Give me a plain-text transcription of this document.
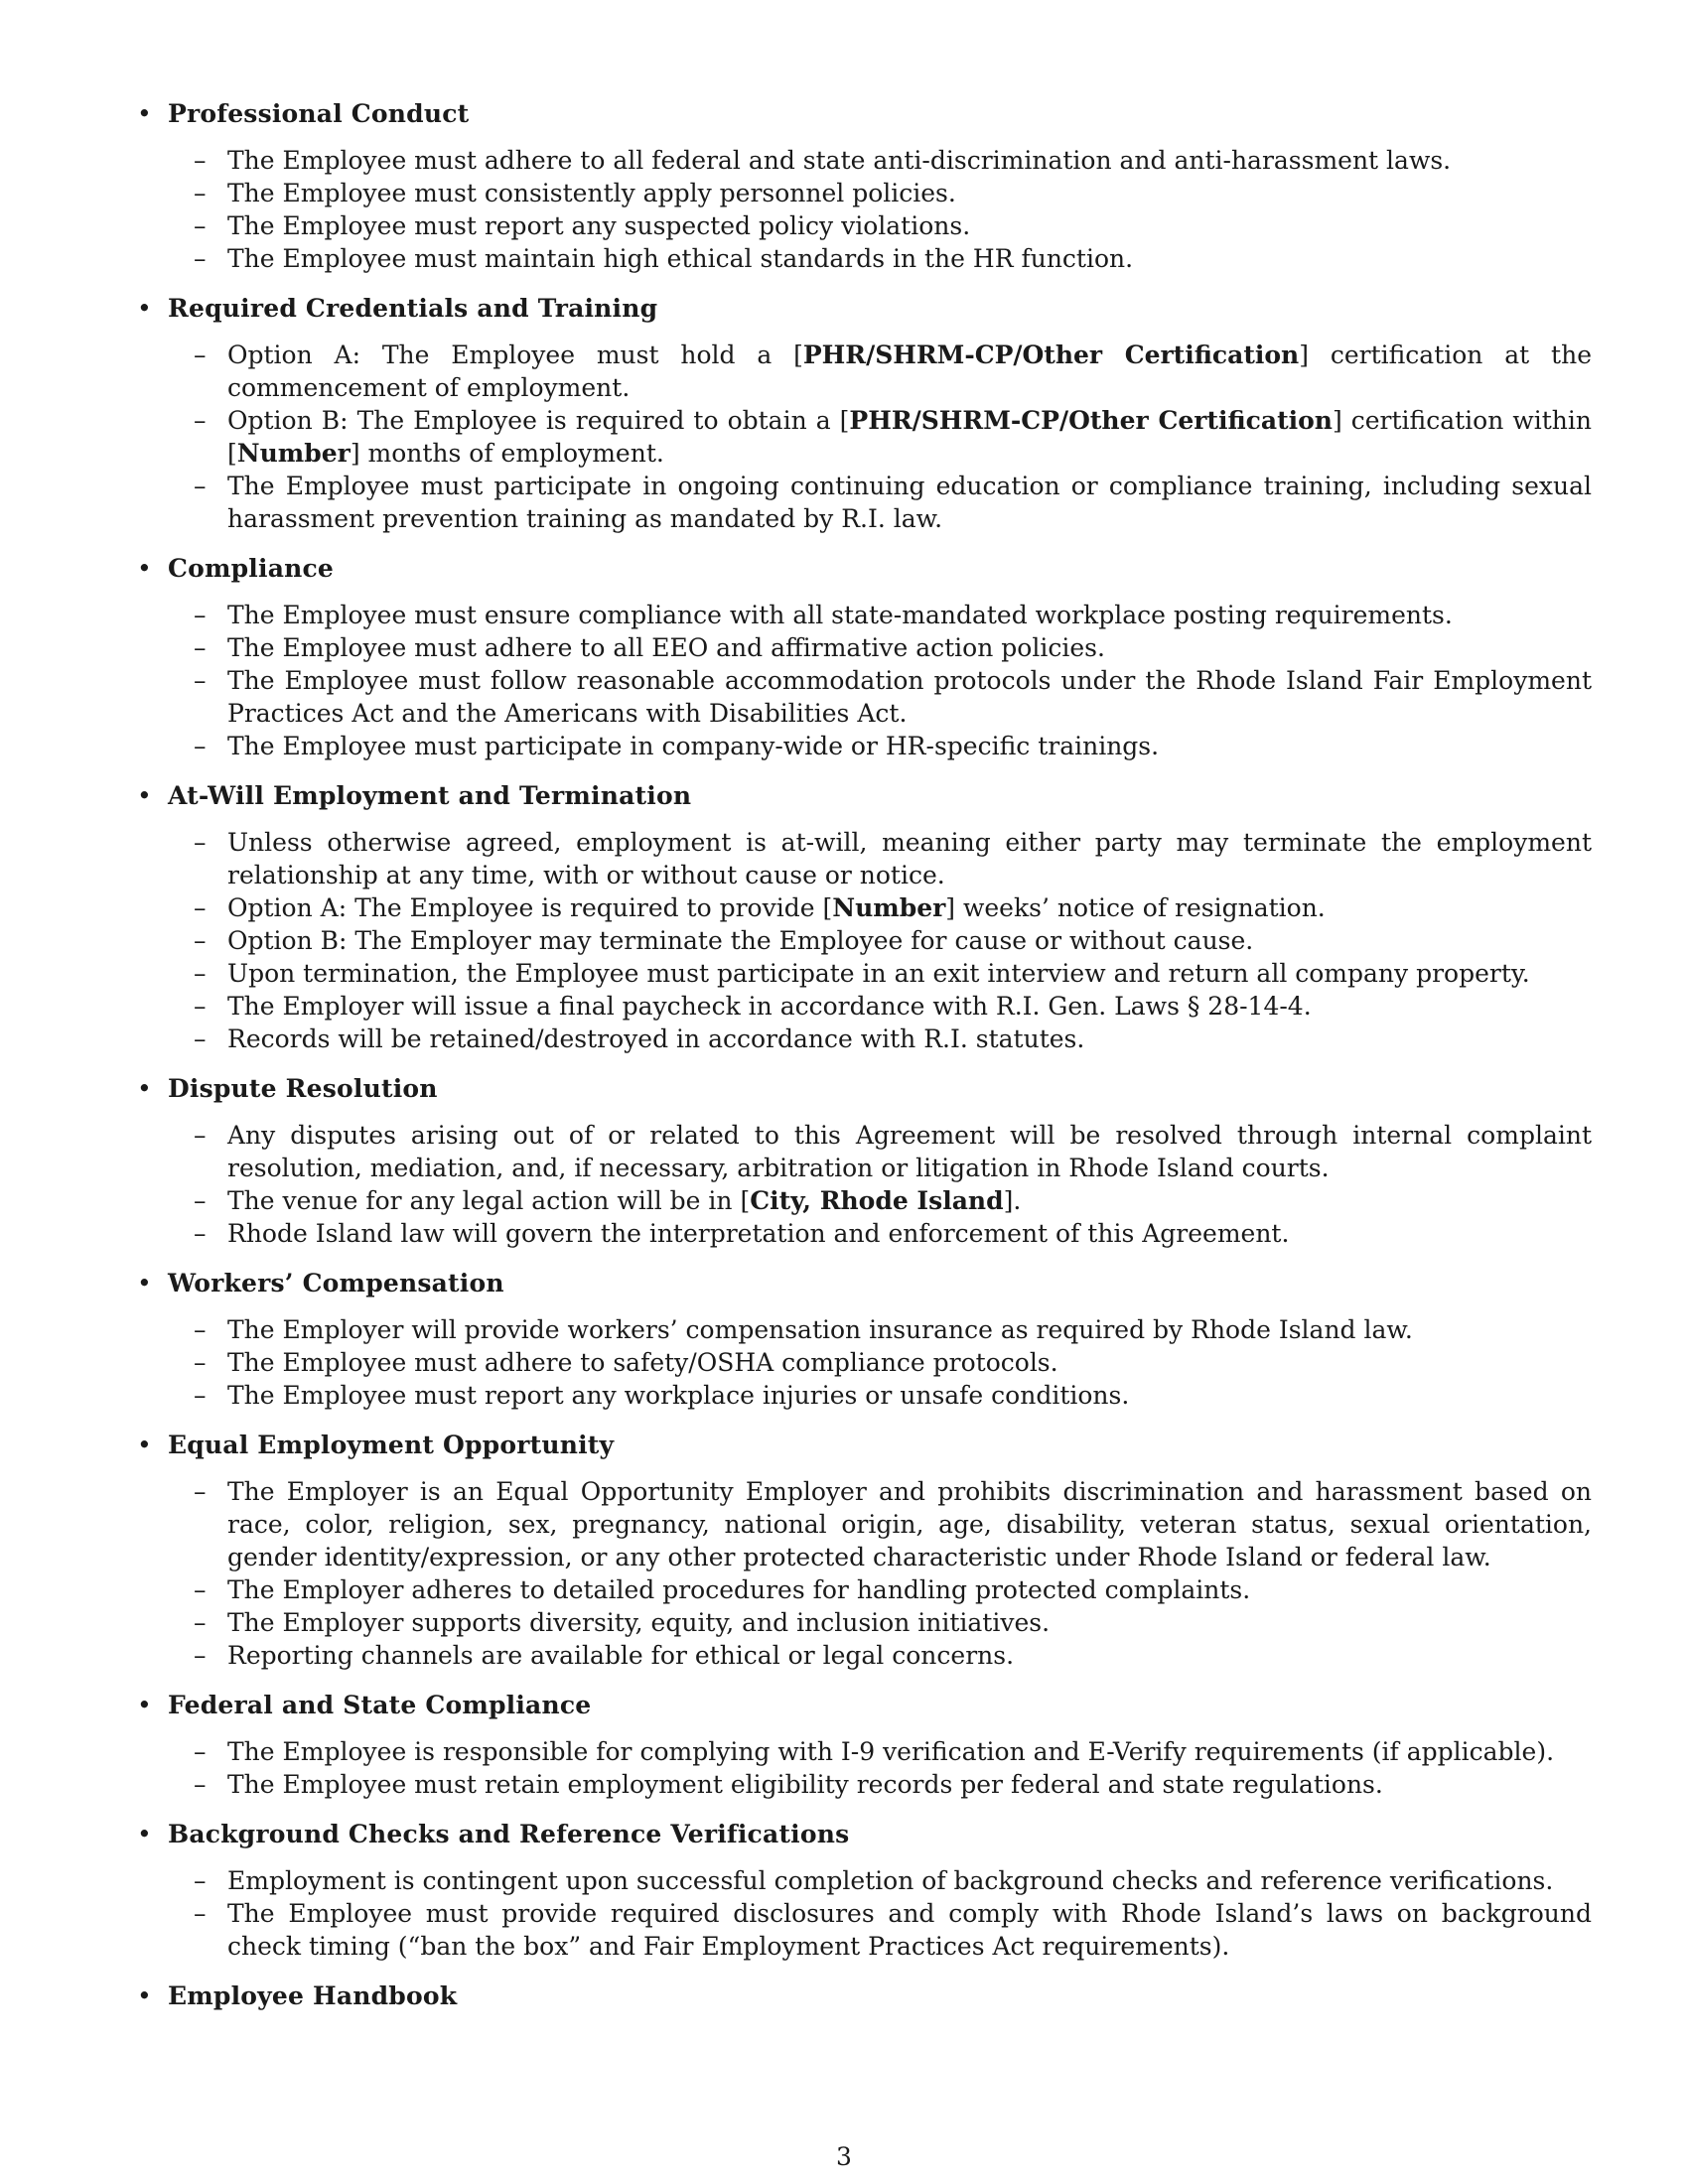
• Professional Conduct
– The Employee must adhere to all federal and state anti-discrimination and anti-harassment laws.
– The Employee must consistently apply personnel policies.
– The Employee must report any suspected policy violations.
– The Employee must maintain high ethical standards in the HR function.
• Required Credentials and Training
– Option A: The Employee must hold a [PHR/SHRM-CP/Other Certification] certification at the commencement of employment.
– Option B: The Employee is required to obtain a [PHR/SHRM-CP/Other Certification] certification within [Number] months of employment.
– The Employee must participate in ongoing continuing education or compliance training, including sexual harassment prevention training as mandated by R.I. law.
• Compliance
– The Employee must ensure compliance with all state-mandated workplace posting requirements.
– The Employee must adhere to all EEO and affirmative action policies.
– The Employee must follow reasonable accommodation protocols under the Rhode Island Fair Employment Practices Act and the Americans with Disabilities Act.
– The Employee must participate in company-wide or HR-specific trainings.
• At-Will Employment and Termination
– Unless otherwise agreed, employment is at-will, meaning either party may terminate the employment relationship at any time, with or without cause or notice.
– Option A: The Employee is required to provide [Number] weeks’ notice of resignation.
– Option B: The Employer may terminate the Employee for cause or without cause.
– Upon termination, the Employee must participate in an exit interview and return all company property.
– The Employer will issue a final paycheck in accordance with R.I. Gen. Laws § 28-14-4.
– Records will be retained/destroyed in accordance with R.I. statutes.
• Dispute Resolution
– Any disputes arising out of or related to this Agreement will be resolved through internal complaint resolution, mediation, and, if necessary, arbitration or litigation in Rhode Island courts.
– The venue for any legal action will be in [City, Rhode Island].
– Rhode Island law will govern the interpretation and enforcement of this Agreement.
• Workers’ Compensation
– The Employer will provide workers’ compensation insurance as required by Rhode Island law.
– The Employee must adhere to safety/OSHA compliance protocols.
– The Employee must report any workplace injuries or unsafe conditions.
• Equal Employment Opportunity
– The Employer is an Equal Opportunity Employer and prohibits discrimination and harassment based on race, color, religion, sex, pregnancy, national origin, age, disability, veteran status, sexual orientation, gender identity/expression, or any other protected characteristic under Rhode Island or federal law.
– The Employer adheres to detailed procedures for handling protected complaints.
– The Employer supports diversity, equity, and inclusion initiatives.
– Reporting channels are available for ethical or legal concerns.
• Federal and State Compliance
– The Employee is responsible for complying with I-9 verification and E-Verify requirements (if applicable).
– The Employee must retain employment eligibility records per federal and state regulations.
• Background Checks and Reference Verifications
– Employment is contingent upon successful completion of background checks and reference verifications.
– The Employee must provide required disclosures and comply with Rhode Island’s laws on background check timing (“ban the box” and Fair Employment Practices Act requirements).
• Employee Handbook
3
